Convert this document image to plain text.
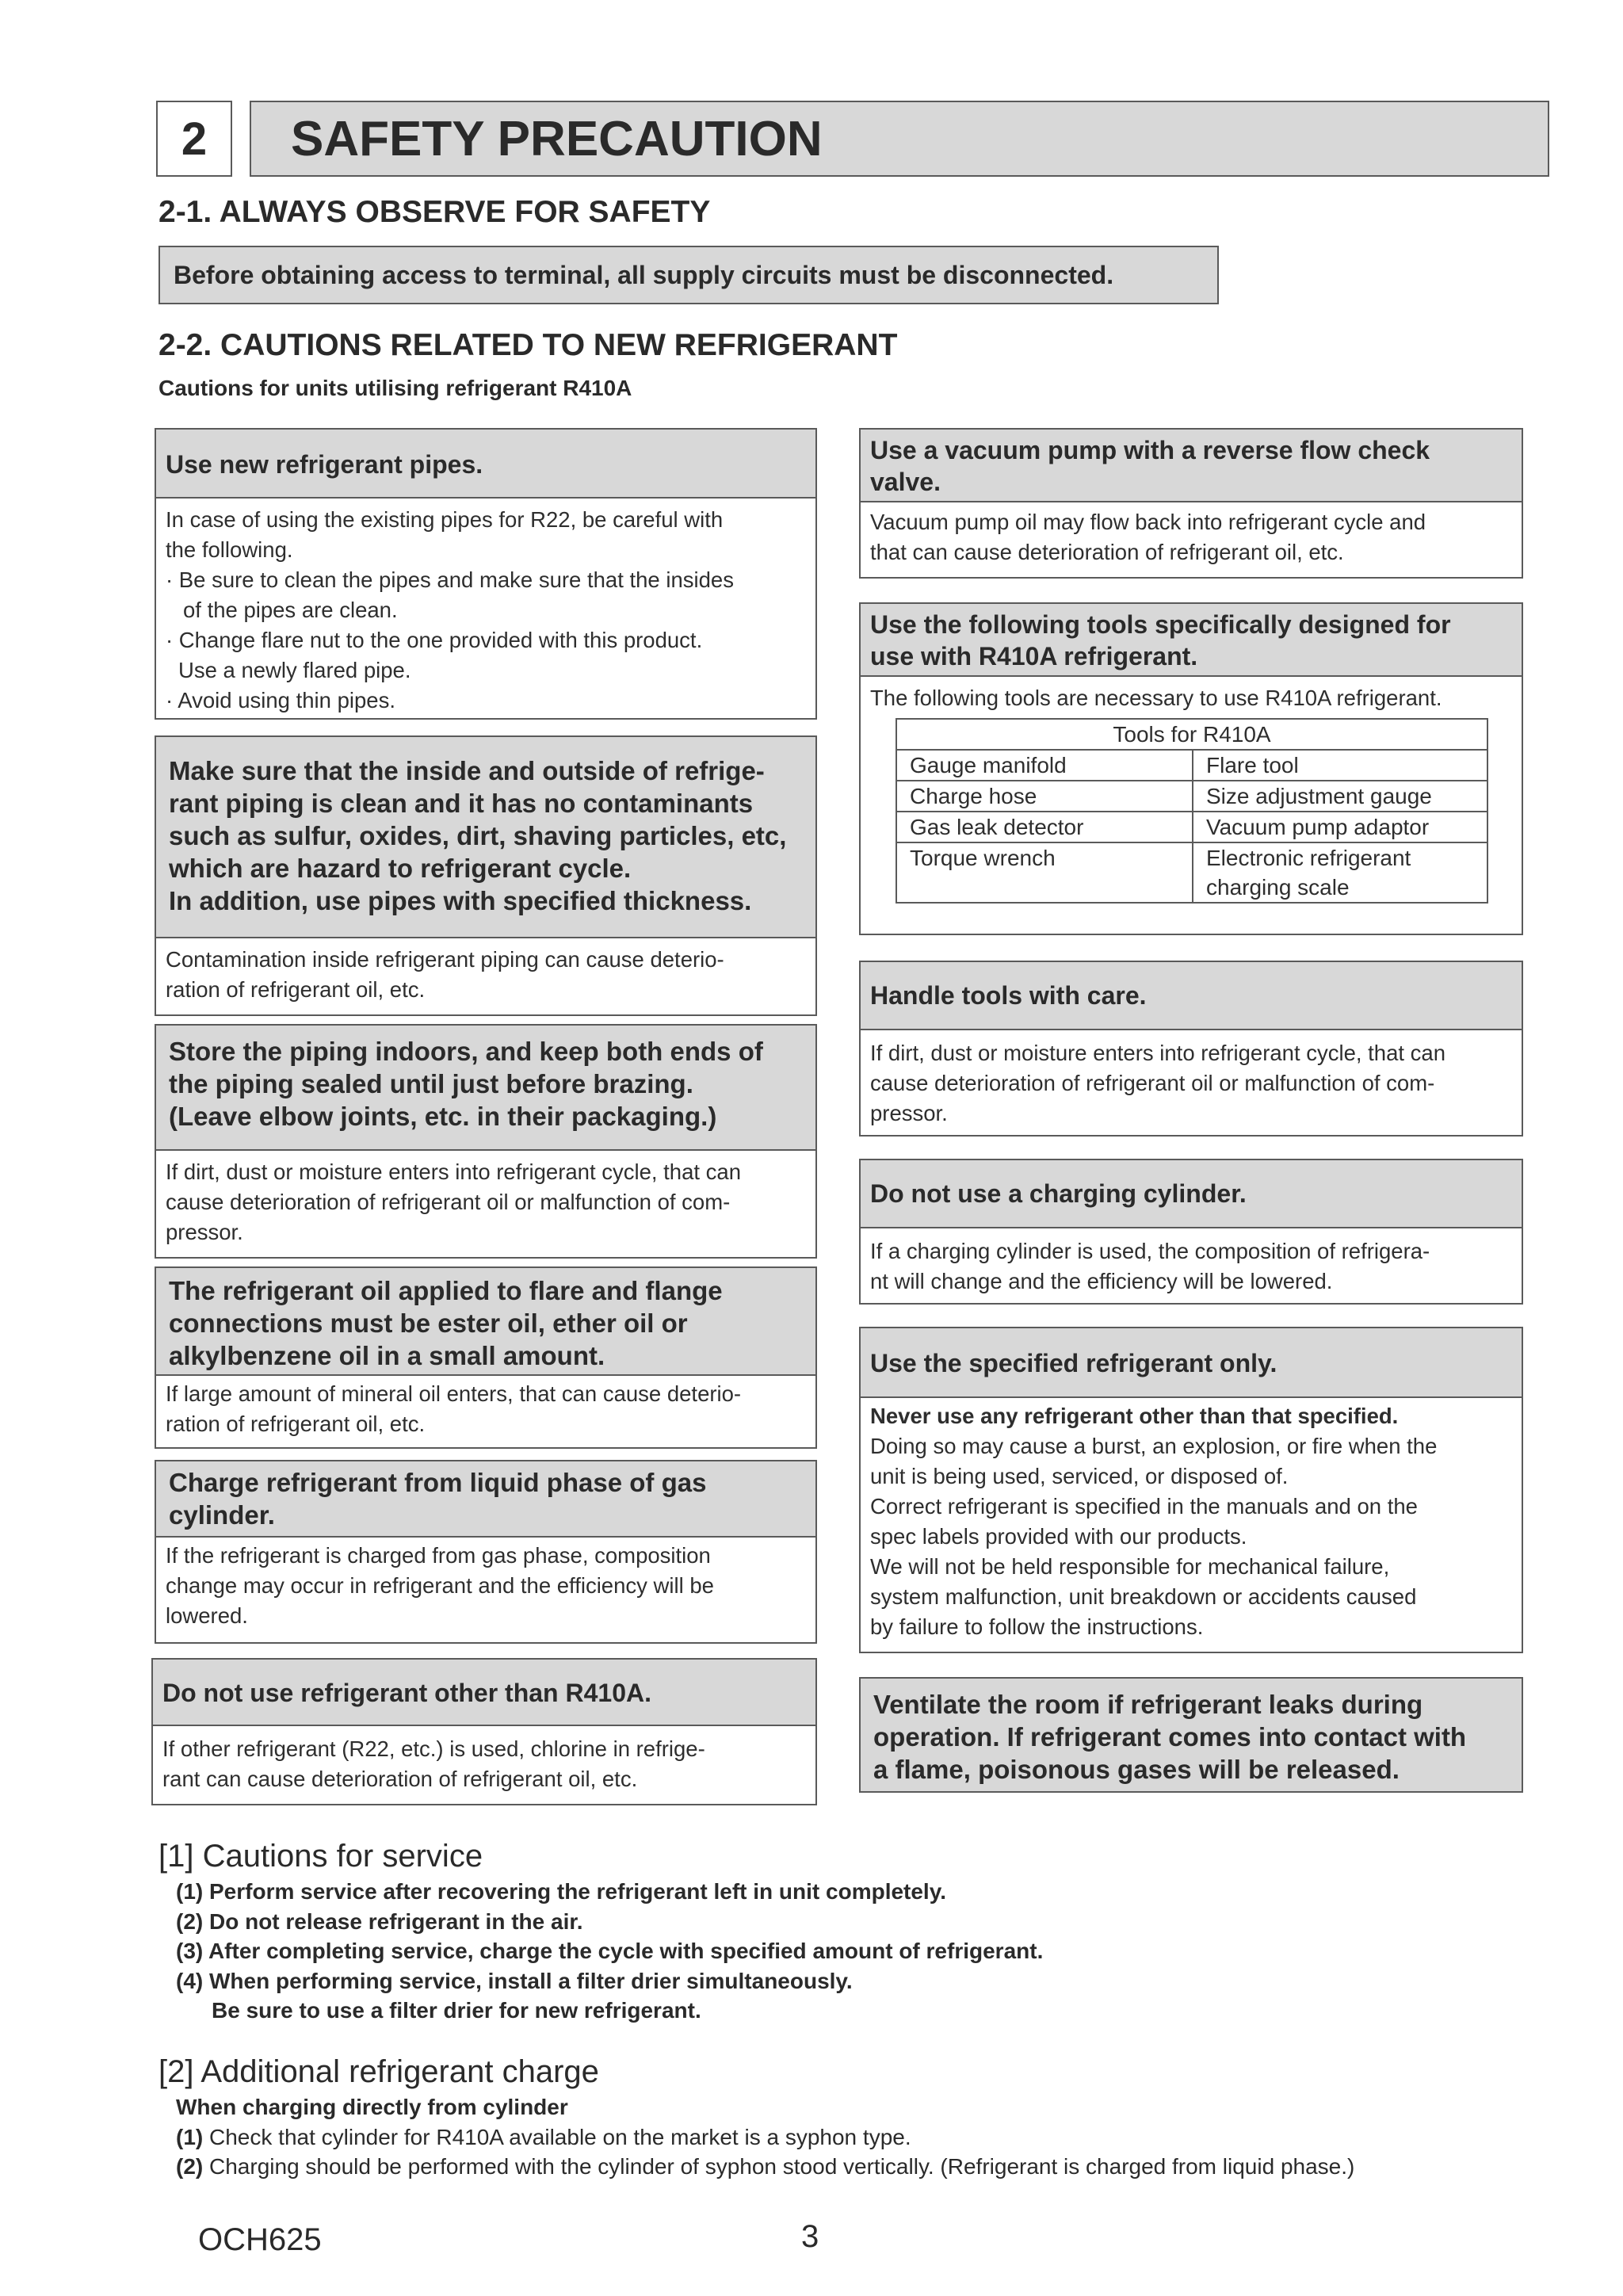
2	SAFETY PRECAUTION
2-1. ALWAYS OBSERVE FOR SAFETY
Before obtaining access to terminal, all supply circuits must be disconnected.
2-2. CAUTIONS RELATED TO NEW REFRIGERANT
Cautions for units utilising refrigerant R410A
Use new refrigerant pipes.

In case of using the existing pipes for R22, be careful with

the following.

· Be sure to clean the pipes and make sure that the insides

of the pipes are clean.

· Change flare nut to the one provided with this product.

Use a newly flared pipe.

· Avoid using thin pipes.

Make sure that the inside and outside of refrige-
rant piping is clean and it has no contaminants
such as sulfur, oxides, dirt, shaving particles, etc,
which are hazard to refrigerant cycle.
In addition, use pipes with specified thickness.

Contamination inside refrigerant piping can cause deterio-

ration of refrigerant oil, etc.

Store the piping indoors, and keep both ends of
the piping sealed until just before brazing.
(Leave elbow joints, etc. in their packaging.)

If dirt, dust or moisture enters into refrigerant cycle, that can

cause deterioration of refrigerant oil or malfunction of com-

pressor.

The refrigerant oil applied to flare and flange
connections must be ester oil, ether oil or
alkylbenzene oil in a small amount.

If large amount of mineral oil enters, that can cause deterio-

ration of refrigerant oil, etc.

Charge refrigerant from liquid phase of gas
cylinder.

If the refrigerant is charged from gas phase, composition

change may occur in refrigerant and the efficiency will be

lowered.

Do not use refrigerant other than R410A.

If other refrigerant (R22, etc.) is used, chlorine in refrige-

rant can cause deterioration of refrigerant oil, etc.

Use a vacuum pump with a reverse flow check
valve.

Vacuum pump oil may flow back into refrigerant cycle and

that can cause deterioration of refrigerant oil, etc.

Use the following tools specifically designed for
use with R410A refrigerant.

The following tools are necessary to use R410A refrigerant.

Tools for R410A	
Gauge manifold	Flare tool
Charge hose	Size adjustment gauge
Gas leak detector	Vacuum pump adaptor
Torque wrench	Electronic refrigerant
charging scale
Handle tools with care.

If dirt, dust or moisture enters into refrigerant cycle, that can

cause deterioration of refrigerant oil or malfunction of com-

pressor.

Do not use a charging cylinder.

If a charging cylinder is used, the composition of refrigera-

nt will change and the efficiency will be lowered.

Use the specified refrigerant only.

Never use any refrigerant other than that specified.

Doing so may cause a burst, an explosion, or fire when the

unit is being used, serviced, or disposed of.

Correct refrigerant is specified in the manuals and on the

spec labels provided with our products.

We will not be held responsible for mechanical failure,

system malfunction, unit breakdown or accidents caused

by failure to follow the instructions.

Ventilate the room if refrigerant leaks during
operation. If refrigerant comes into contact with
a flame, poisonous gases will be released.
[1] Cautions for service
(1) Perform service after recovering the refrigerant left in unit completely.
(2) Do not release refrigerant in the air.
(3) After completing service, charge the cycle with specified amount of refrigerant.
(4) When performing service, install a filter drier simultaneously.
Be sure to use a filter drier for new refrigerant.
[2] Additional refrigerant charge
When charging directly from cylinder
(1) Check that cylinder for R410A available on the market is a syphon type.
(2) Charging should be performed with the cylinder of syphon stood vertically. (Refrigerant is charged from liquid phase.)
OCH625	3
